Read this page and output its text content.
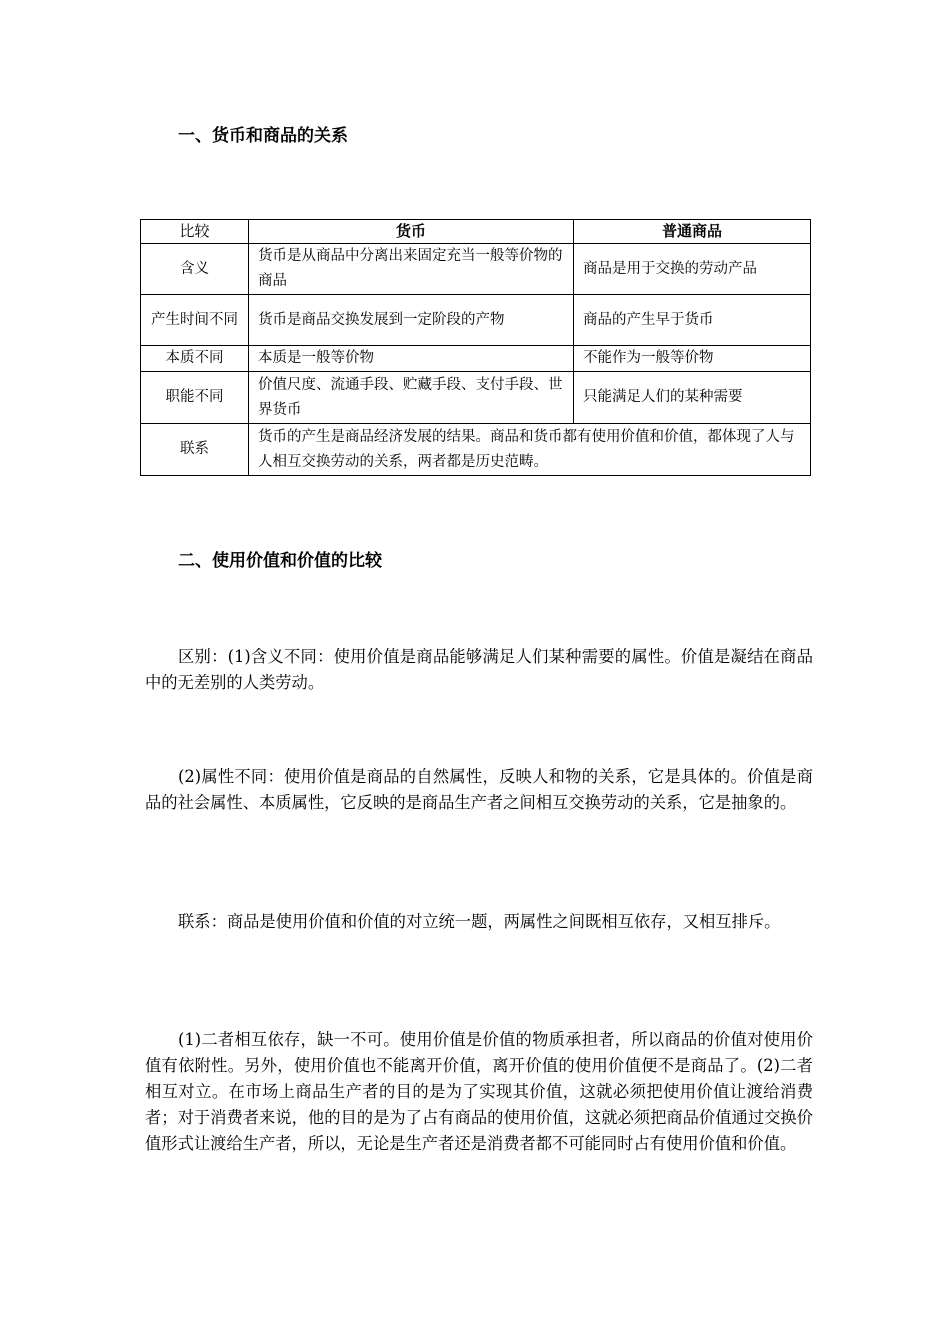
一、货币和商品的关系
比较	货币	普通商品
含义	货币是从商品中分离出来固定充当一般等价物的商品	商品是用于交换的劳动产品
产生时间不同	货币是商品交换发展到一定阶段的产物	商品的产生早于货币
本质不同	本质是一般等价物	不能作为一般等价物
职能不同	价值尺度、流通手段、贮藏手段、支付手段、世界货币	只能满足人们的某种需要
联系	货币的产生是商品经济发展的结果。商品和货币都有使用价值和价值，都体现了人与人相互交换劳动的关系，两者都是历史范畴。	
二、使用价值和价值的比较
区别：(1)含义不同：使用价值是商品能够满足人们某种需要的属性。价值是凝结在商品中的无差别的人类劳动。
(2)属性不同：使用价值是商品的自然属性，反映人和物的关系，它是具体的。价值是商品的社会属性、本质属性，它反映的是商品生产者之间相互交换劳动的关系，它是抽象的。
联系：商品是使用价值和价值的对立统一题，两属性之间既相互依存，又相互排斥。
(1)二者相互依存，缺一不可。使用价值是价值的物质承担者，所以商品的价值对使用价值有依附性。另外，使用价值也不能离开价值，离开价值的使用价值便不是商品了。(2)二者相互对立。在市场上商品生产者的目的是为了实现其价值，这就必须把使用价值让渡给消费者；对于消费者来说，他的目的是为了占有商品的使用价值，这就必须把商品价值通过交换价值形式让渡给生产者，所以，无论是生产者还是消费者都不可能同时占有使用价值和价值。
